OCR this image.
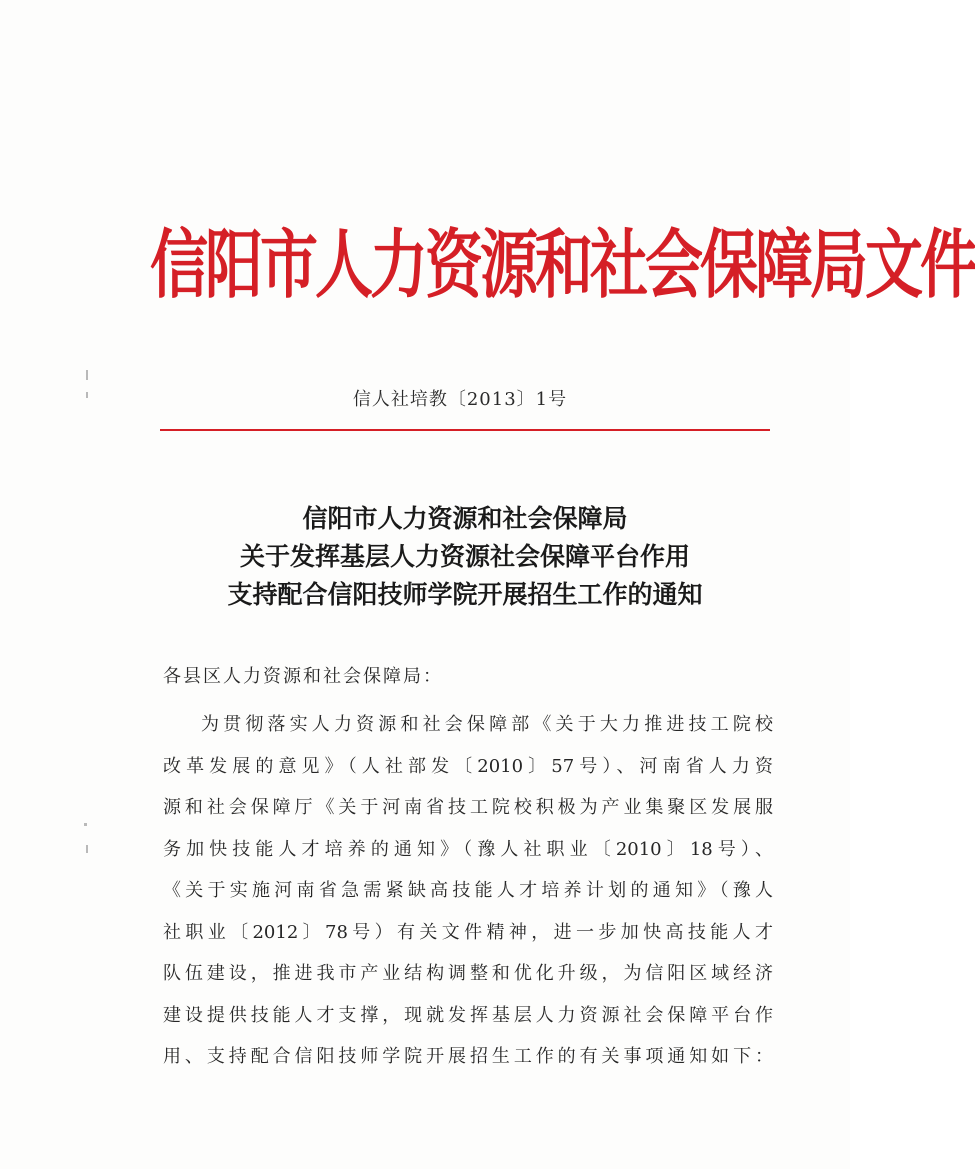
信阳市人力资源和社会保障局文件
信人社培教〔2013〕1号
信阳市人力资源和社会保障局
关于发挥基层人力资源社会保障平台作用
支持配合信阳技师学院开展招生工作的通知
各县区人力资源和社会保障局：
为贯彻落实人力资源和社会保障部《关于大力推进技工院校
改革发展的意见》（人社部发〔2010〕57号）、河南省人力资
源和社会保障厅《关于河南省技工院校积极为产业集聚区发展服
务加快技能人才培养的通知》（豫人社职业〔2010〕18号）、
《关于实施河南省急需紧缺高技能人才培养计划的通知》（豫人
社职业〔2012〕78号）有关文件精神，进一步加快高技能人才
队伍建设，推进我市产业结构调整和优化升级，为信阳区域经济
建设提供技能人才支撑，现就发挥基层人力资源社会保障平台作
用、支持配合信阳技师学院开展招生工作的有关事项通知如下：
